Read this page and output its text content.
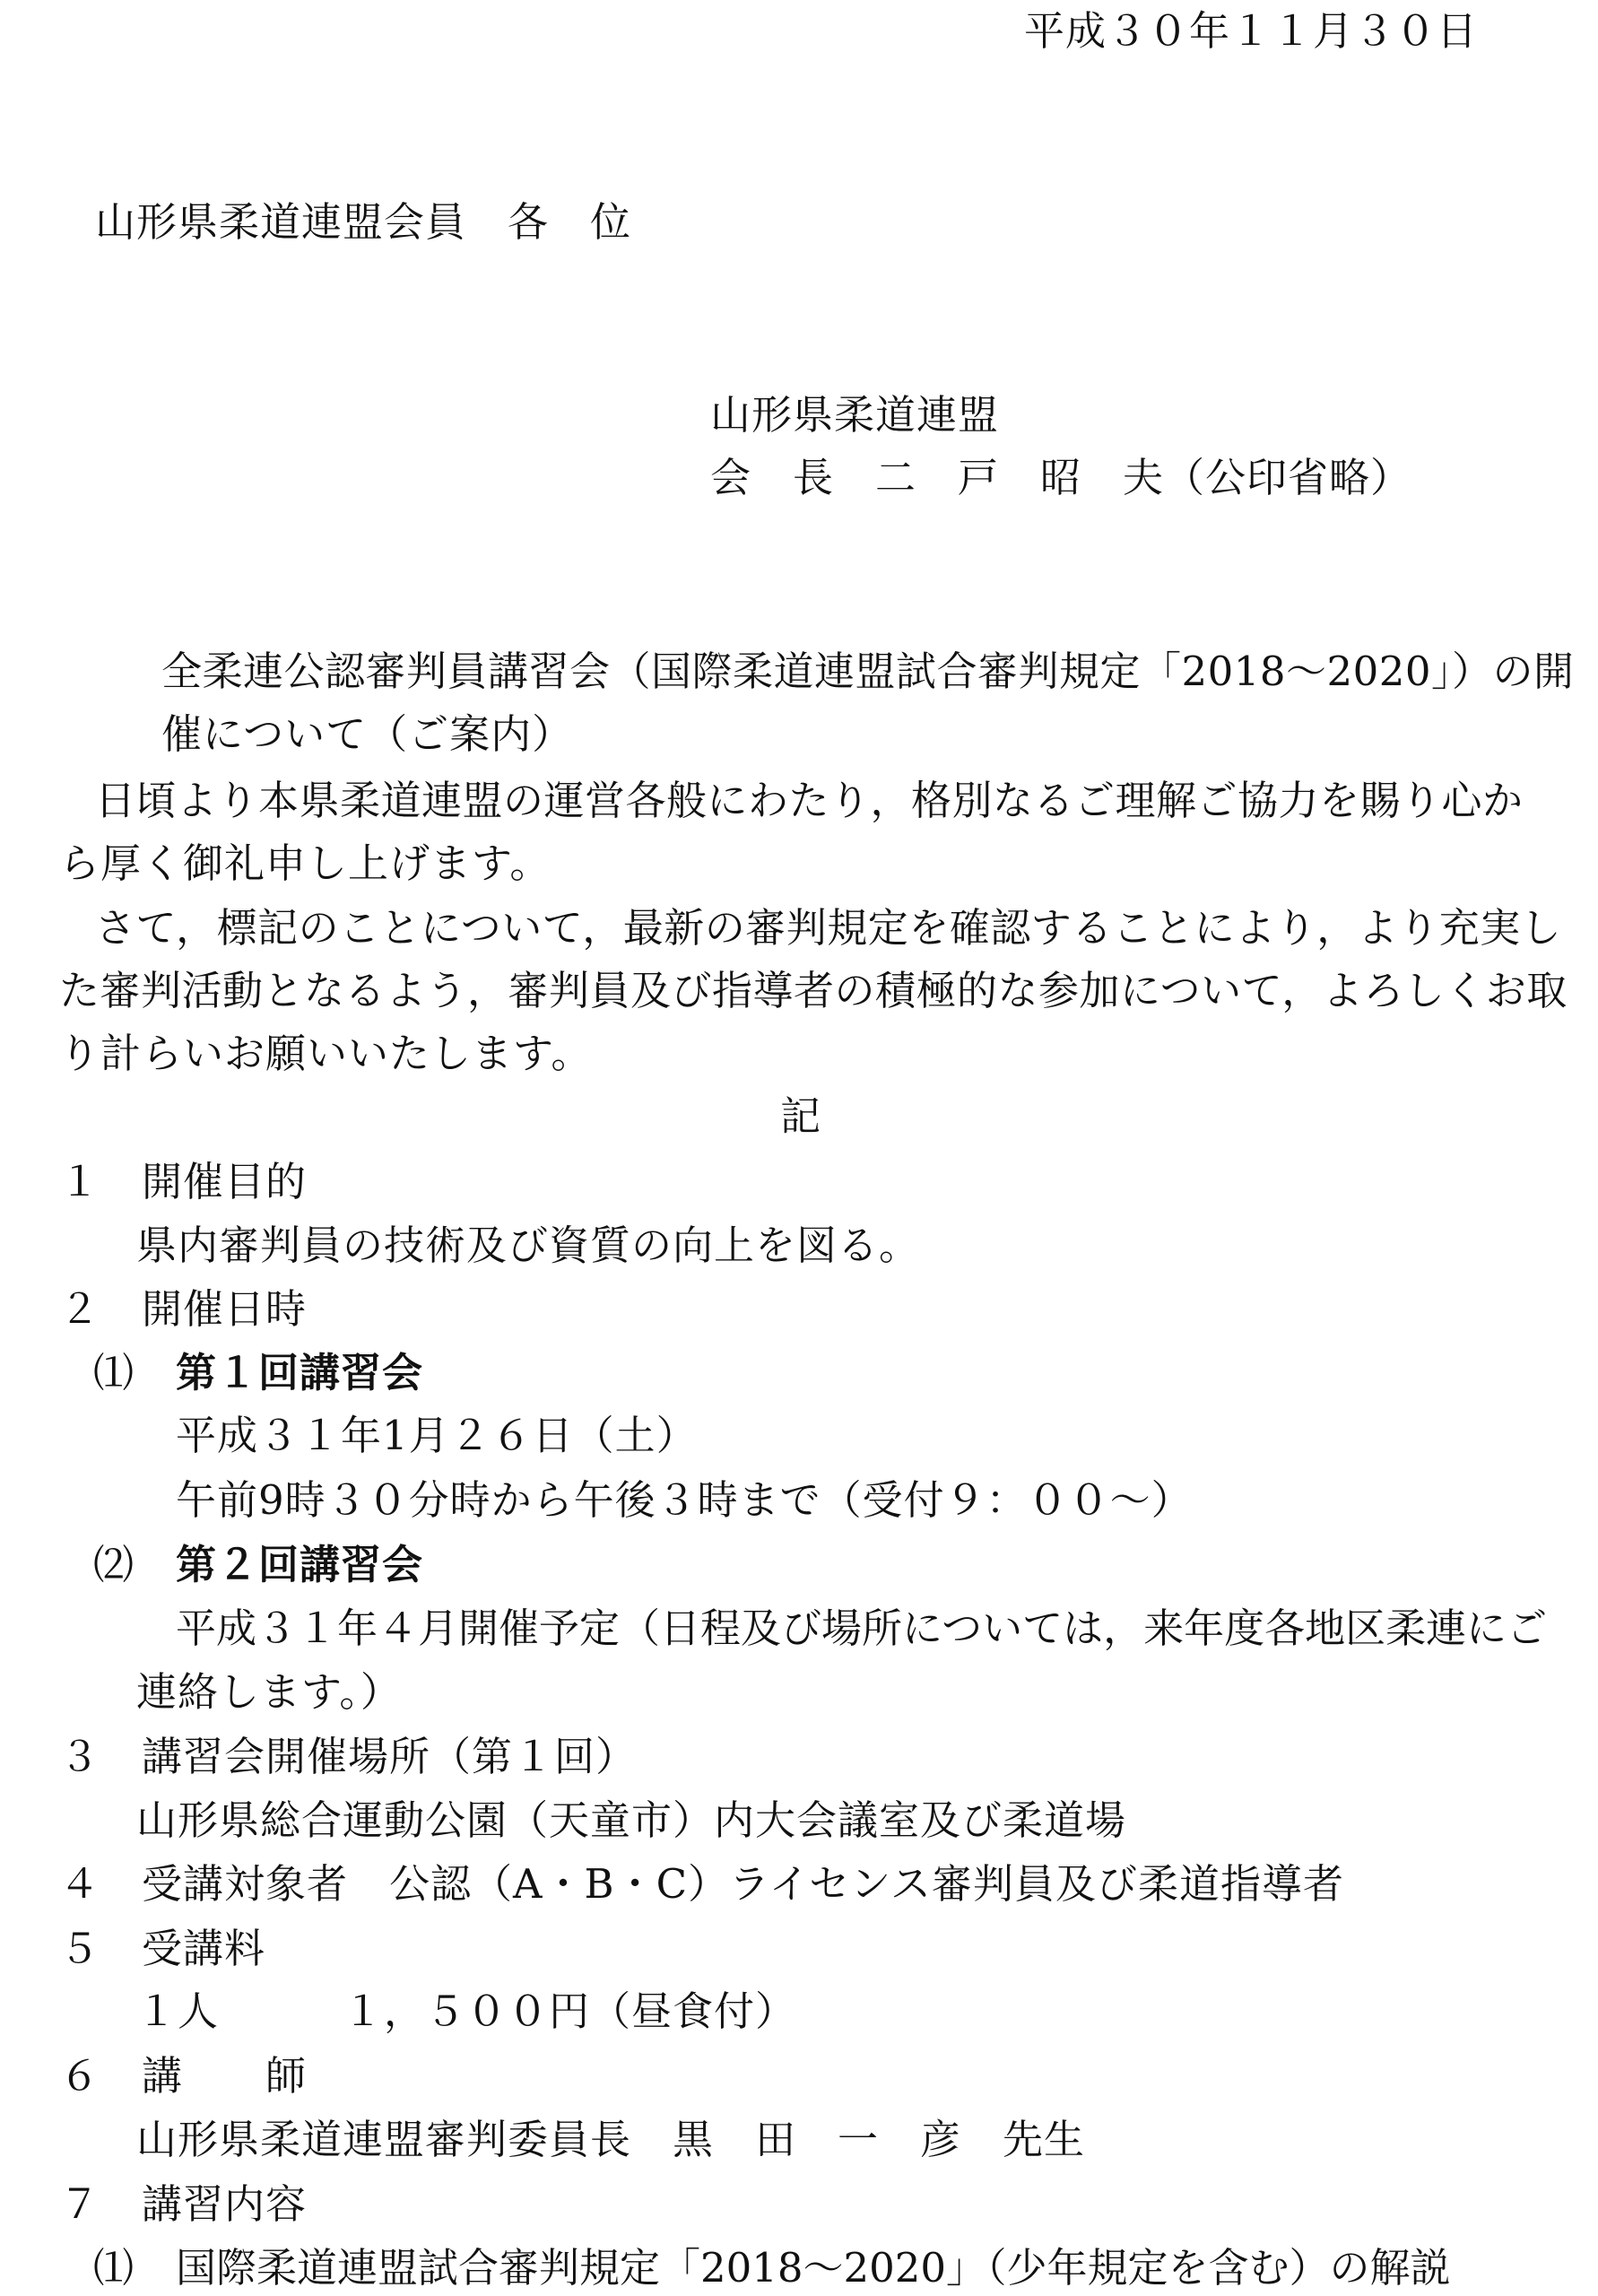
平成３０年１１月３０日
山形県柔道連盟会員　各　位
山形県柔道連盟
会　長　二　戸　昭　夫（公印省略）
全柔連公認審判員講習会（国際柔道連盟試合審判規定「2018～2020」）の開
催について（ご案内）
日頃より本県柔道連盟の運営各般にわたり，格別なるご理解ご協力を賜り心か
ら厚く御礼申し上げます。
さて，標記のことについて，最新の審判規定を確認することにより，より充実し
た審判活動となるよう，審判員及び指導者の積極的な参加について，よろしくお取
り計らいお願いいたします。
記
１　開催目的
県内審判員の技術及び資質の向上を図る。
２　開催日時
⑴ 第１回講習会
平成３１年1月２６日（土）
午前9時３０分時から午後３時まで（受付９：００～）
⑵ 第２回講習会
平成３１年４月開催予定（日程及び場所については，来年度各地区柔連にご
連絡します。）
３　講習会開催場所（第１回）
山形県総合運動公園（天童市）内大会議室及び柔道場
４　受講対象者　公認（A・B・C）ライセンス審判員及び柔道指導者
５　受講料
１人　　　１，５００円（昼食付）
６　講　　師
山形県柔道連盟審判委員長　黒　田　一　彦　先生
７　講習内容
⑴ 国際柔道連盟試合審判規定「2018～2020」（少年規定を含む）の解説
